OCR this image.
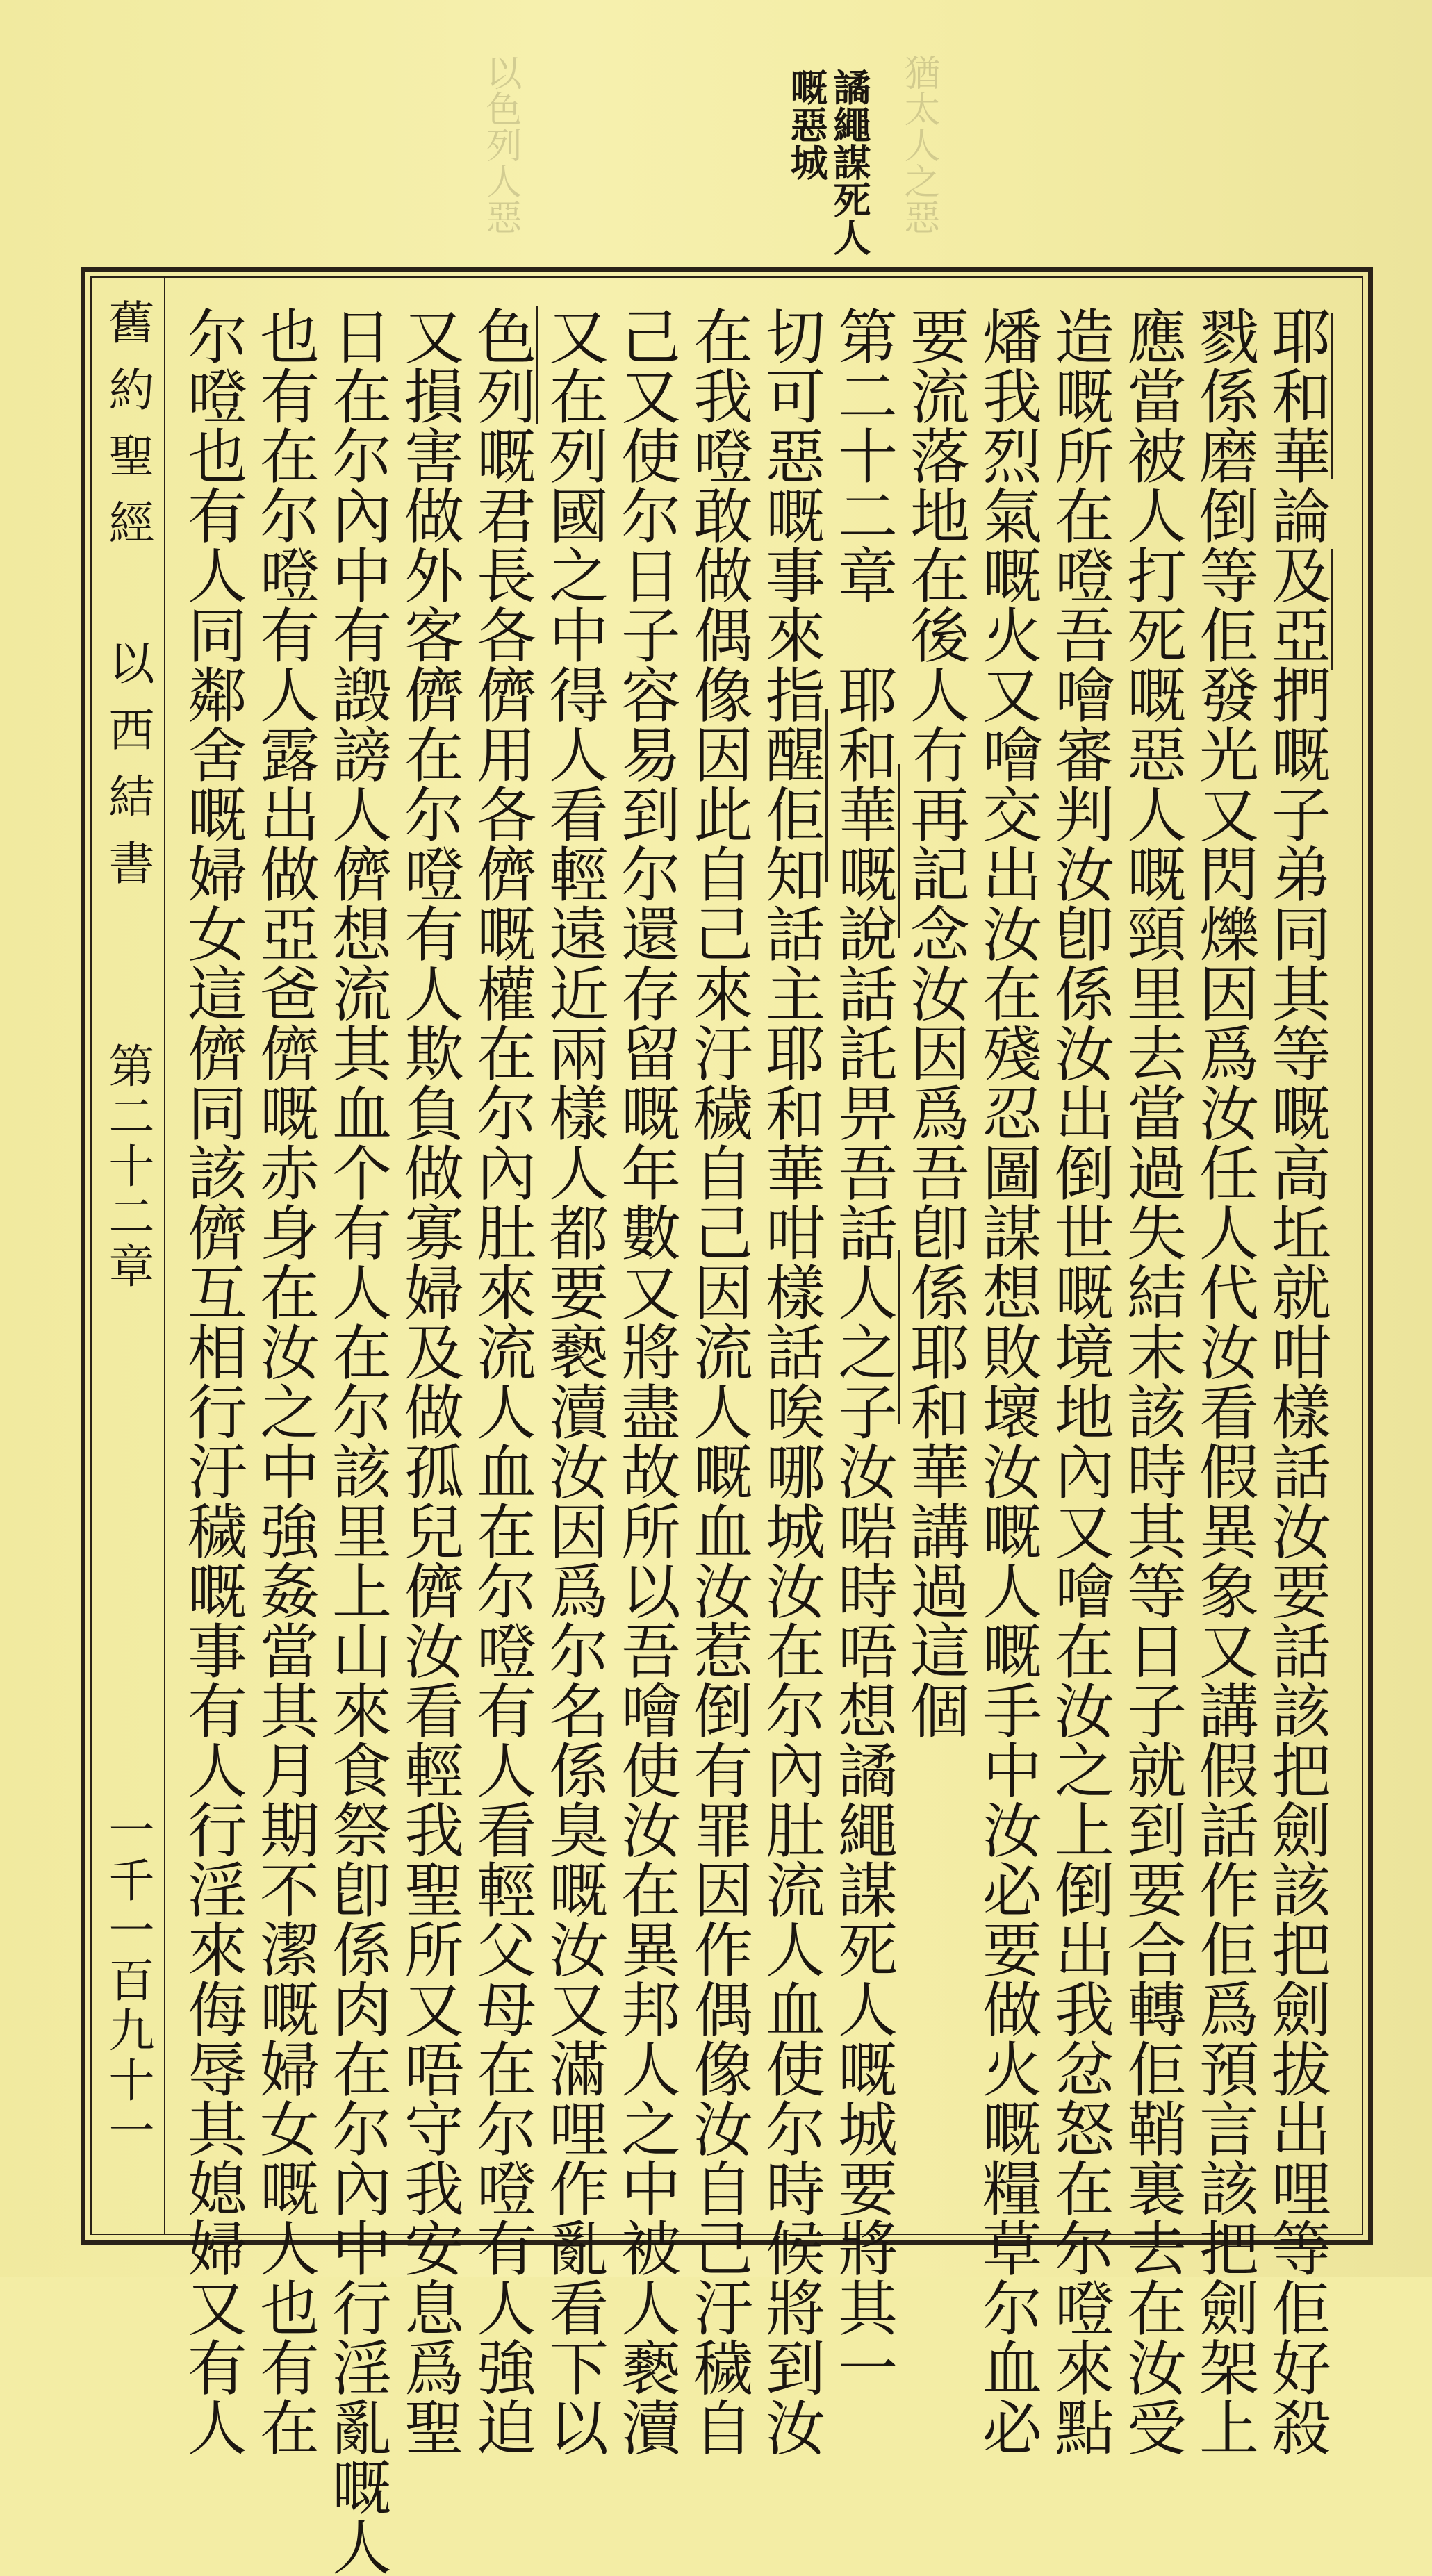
猶太人之惡
以色列人惡	譎繩謀死人
嘅惡城
舊約聖經
以西結書
第二十二章
一千一百九十一	耶和華論及亞捫嘅子弟同其等嘅高坵就咁樣話汝要話該把劍該把劍拔出哩等佢好殺
戮係磨倒等佢發光又閃爍因爲汝任人代汝看假異象又講假話作佢爲預言該把劍架上
應當被人打死嘅惡人嘅頸里去當過失結末該時其等日子就到要合轉佢鞘裏去在汝受
造嘅所在噔吾噲審判汝卽係汝出倒世嘅境地內又噲在汝之上倒出我忿怒在尔噔來點
燔我烈氣嘅火又噲交出汝在殘忍圖謀想敗壞汝嘅人嘅手中汝必要做火嘅糧草尔血必
要流落地在後人冇再記念汝因爲吾卽係耶和華講過這個
第二十二章　耶和華嘅說話託畀吾話人之子汝啱時唔想譎繩謀死人嘅城要將其一
切可惡嘅事來指醒佢知話主耶和華咁樣話唉哪城汝在尔內肚流人血使尔時候將到汝
在我噔敢做偶像因此自己來汙穢自己因流人嘅血汝惹倒有罪因作偶像汝自己汙穢自
己又使尔日子容易到尔還存留嘅年數又將盡故所以吾噲使汝在異邦人之中被人褻瀆
又在列國之中得人看輕遠近兩樣人都要褻瀆汝因爲尔名係臭嘅汝又滿哩作亂看下以
色列嘅君長各儕用各儕嘅權在尔內肚來流人血在尔噔有人看輕父母在尔噔有人強迫
又損害做外客儕在尔噔有人欺負做寡婦及做孤兒儕汝看輕我聖所又唔守我安息爲聖
日在尔內中有譭謗人儕想流其血个有人在尔該里上山來食祭卽係肉在尔內中行淫亂嘅人
也有在尔噔有人露出做亞爸儕嘅赤身在汝之中強姦當其月期不潔嘅婦女嘅人也有在
尔噔也有人同鄰舍嘅婦女這儕同該儕互相行汙穢嘅事有人行淫來侮辱其媳婦又有人
